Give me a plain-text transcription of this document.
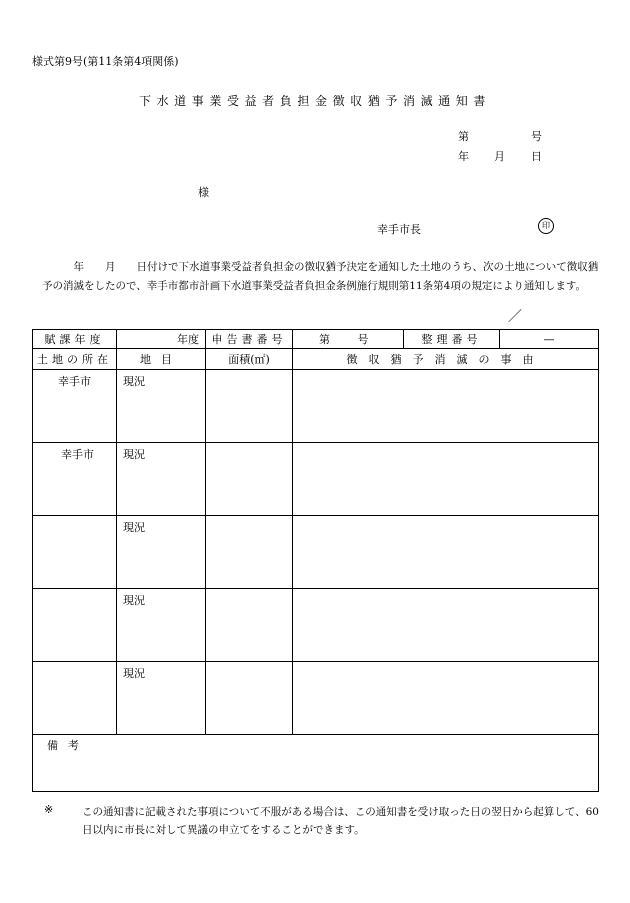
様式第9号(第11条第4項関係)
下水道事業受益者負担金徴収猶予消滅通知書
第	号
年 月 日
様
幸手市長	印
　　　年　　月　　日付けで下水道事業受益者負担金の徴収猶予決定を通知した土地のうち、次の土地について徴収猶予の消滅をしたので、幸手市都市計画下水道事業受益者負担金条例施行規則第11条第4項の規定により通知します。
／
賦課年度	年度	申告書番号	第 号	整理番号	—
土地の所在	地目	面積(㎡)	徴収猶予消滅の事由		

幸手市	現況				

幸手市	現況				

	現況				

	現況				

	現況				

備考					
※	この通知書に記載された事項について不服がある場合は、この通知書を受け取った日の翌日から起算して、60日以内に市長に対して異議の申立てをすることができます。
